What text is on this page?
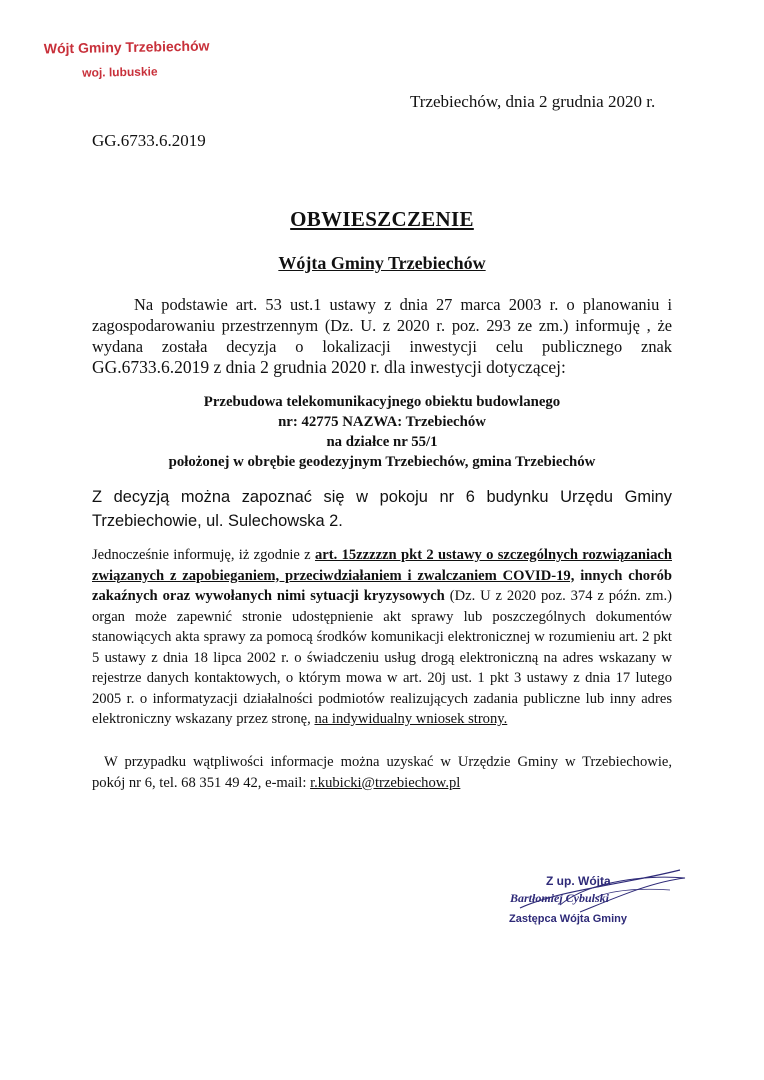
Wójt Gminy Trzebiechów
woj. lubuskie
Trzebiechów, dnia 2 grudnia 2020 r.
GG.6733.6.2019
OBWIESZCZENIE
Wójta Gminy Trzebiechów
Na podstawie art. 53 ust.1 ustawy z dnia 27 marca 2003 r. o planowaniu i zagospodarowaniu przestrzennym (Dz. U. z 2020 r. poz. 293 ze zm.) informuję , że wydana została decyzja o lokalizacji inwestycji celu publicznego znak GG.6733.6.2019 z dnia 2 grudnia 2020 r. dla inwestycji dotyczącej:
Przebudowa telekomunikacyjnego obiektu budowlanego
nr: 42775 NAZWA: Trzebiechów
na działce nr 55/1
położonej w obrębie geodezyjnym Trzebiechów, gmina Trzebiechów
Z decyzją można zapoznać się w pokoju nr 6 budynku Urzędu Gminy Trzebiechowie, ul. Sulechowska 2.
Jednocześnie informuję, iż zgodnie z art. 15zzzzzn pkt 2 ustawy o szczególnych rozwiązaniach związanych z zapobieganiem, przeciwdziałaniem i zwalczaniem COVID-19, innych chorób zakaźnych oraz wywołanych nimi sytuacji kryzysowych (Dz. U z 2020 poz. 374 z późn. zm.) organ może zapewnić stronie udostępnienie akt sprawy lub poszczególnych dokumentów stanowiących akta sprawy za pomocą środków komunikacji elektronicznej w rozumieniu art. 2 pkt 5 ustawy z dnia 18 lipca 2002 r. o świadczeniu usług drogą elektroniczną na adres wskazany w rejestrze danych kontaktowych, o którym mowa w art. 20j ust. 1 pkt 3 ustawy z dnia 17 lutego 2005 r. o informatyzacji działalności podmiotów realizujących zadania publiczne lub inny adres elektroniczny wskazany przez stronę, na indywidualny wniosek strony.
W przypadku wątpliwości informacje można uzyskać w Urzędzie Gminy w Trzebiechowie, pokój nr 6, tel. 68 351 49 42, e-mail: r.kubicki@trzebiechow.pl
Z up. Wójta
Bartłomiej Cybulski
Zastępca Wójta Gminy
